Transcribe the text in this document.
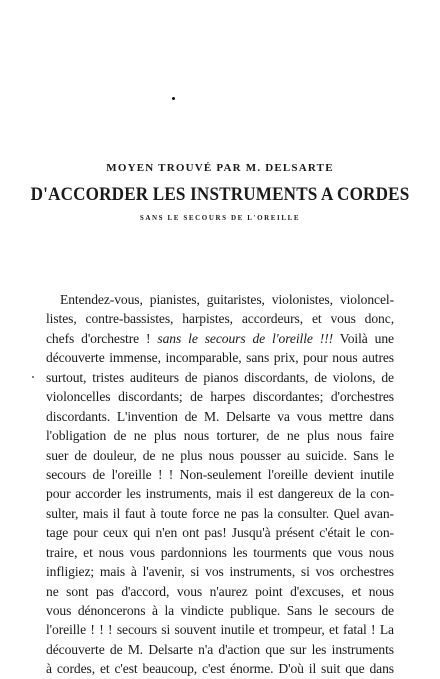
MOYEN TROUVÉ PAR M. DELSARTE
D'ACCORDER LES INSTRUMENTS A CORDES
SANS LE SECOURS DE L'OREILLE
Entendez-vous, pianistes, guitaristes, violonistes, violoncel-
listes, contre-bassistes, harpistes, accordeurs, et vous donc,
chefs d'orchestre ! sans le secours de l'oreille !!! Voilà une
découverte immense, incomparable, sans prix, pour nous autres
surtout, tristes auditeurs de pianos discordants, de violons, de
violoncelles discordants; de harpes discordantes; d'orchestres
discordants. L'invention de M. Delsarte va vous mettre dans
l'obligation de ne plus nous torturer, de ne plus nous faire
suer de douleur, de ne plus nous pousser au suicide. Sans le
secours de l'oreille ! ! Non-seulement l'oreille devient inutile
pour accorder les instruments, mais il est dangereux de la con-
sulter, mais il faut à toute force ne pas la consulter. Quel avan-
tage pour ceux qui n'en ont pas! Jusqu'à présent c'était le con-
traire, et nous vous pardonnions les tourments que vous nous
infligiez; mais à l'avenir, si vos instruments, si vos orchestres
ne sont pas d'accord, vous n'aurez point d'excuses, et nous
vous dénoncerons à la vindicte publique. Sans le secours de
l'oreille ! ! ! secours si souvent inutile et trompeur, et fatal ! La
découverte de M. Delsarte n'a d'action que sur les instruments
à cordes, et c'est beaucoup, c'est énorme. D'où il suit que dans
